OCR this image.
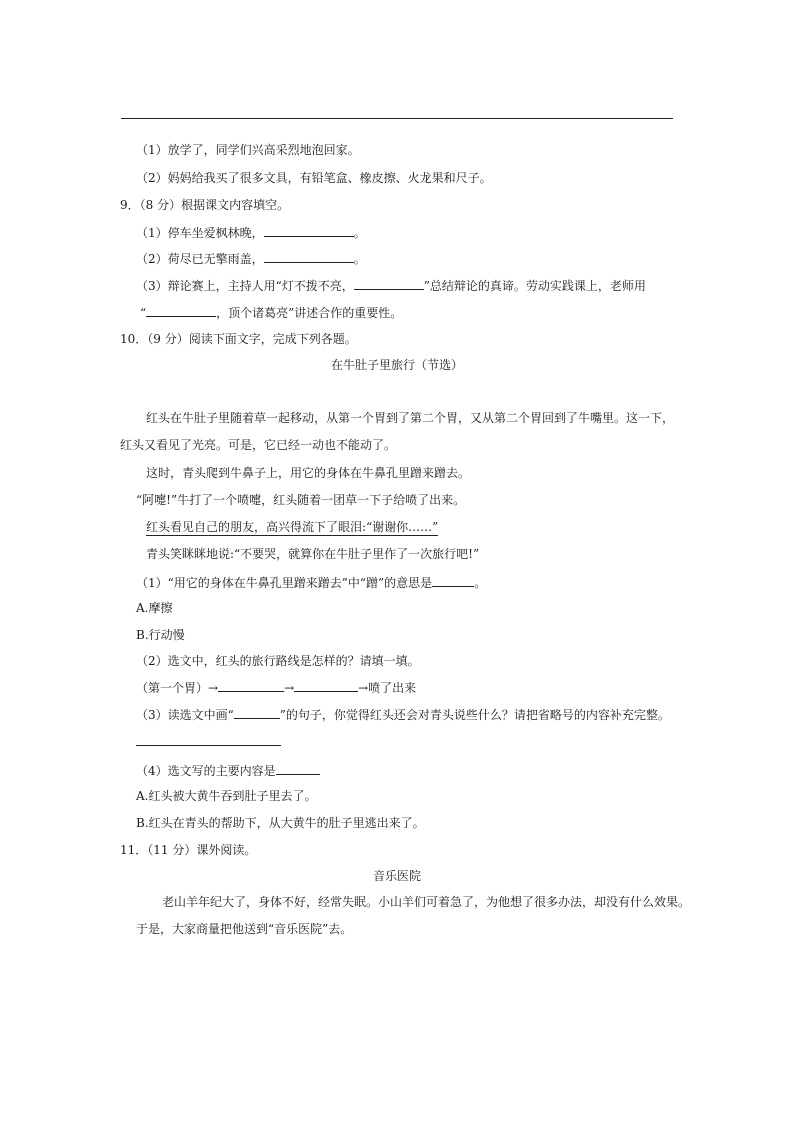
（1）放学了，同学们兴高采烈地泡回家。
（2）妈妈给我买了很多文具，有铅笔盒、橡皮擦、火龙果和尺子。
9．（8 分）根据课文内容填空。
（1）停车坐爱枫林晚，	。
（2）荷尽已无擎雨盖，	。
（3）辩论赛上，主持人用“灯不拨不亮，	”总结辩论的真谛。劳动实践课上，老师用
“	，顶个诸葛亮”讲述合作的重要性。
10．（9 分）阅读下面文字，完成下列各题。
在牛肚子里旅行（节选）
红头在牛肚子里随着草一起移动，从第一个胃到了第二个胃，又从第二个胃回到了牛嘴里。这一下，
红头又看见了光亮。可是，它已经一动也不能动了。
这时，青头爬到牛鼻子上，用它的身体在牛鼻孔里蹭来蹭去。
“阿嚏!”牛打了一个喷嚏，红头随着一团草一下子给喷了出来。
红头看见自己的朋友，高兴得流下了眼泪:“谢谢你……”
青头笑眯眯地说:“不要哭，就算你在牛肚子里作了一次旅行吧!”
（1）“用它的身体在牛鼻孔里蹭来蹭去”中“蹭”的意思是	。
A.摩擦
B.行动慢
（2）选文中，红头的旅行路线是怎样的？请填一填。
（第一个胃）→	→	→喷了出来
（3）读选文中画“	”的句子，你觉得红头还会对青头说些什么？请把省略号的内容补充完整。
（4）选文写的主要内容是
A.红头被大黄牛吞到肚子里去了。
B.红头在青头的帮助下，从大黄牛的肚子里逃出来了。
11．（11 分）课外阅读。
音乐医院
老山羊年纪大了，身体不好，经常失眠。小山羊们可着急了，为他想了很多办法，却没有什么效果。
于是，大家商量把他送到“音乐医院”去。
